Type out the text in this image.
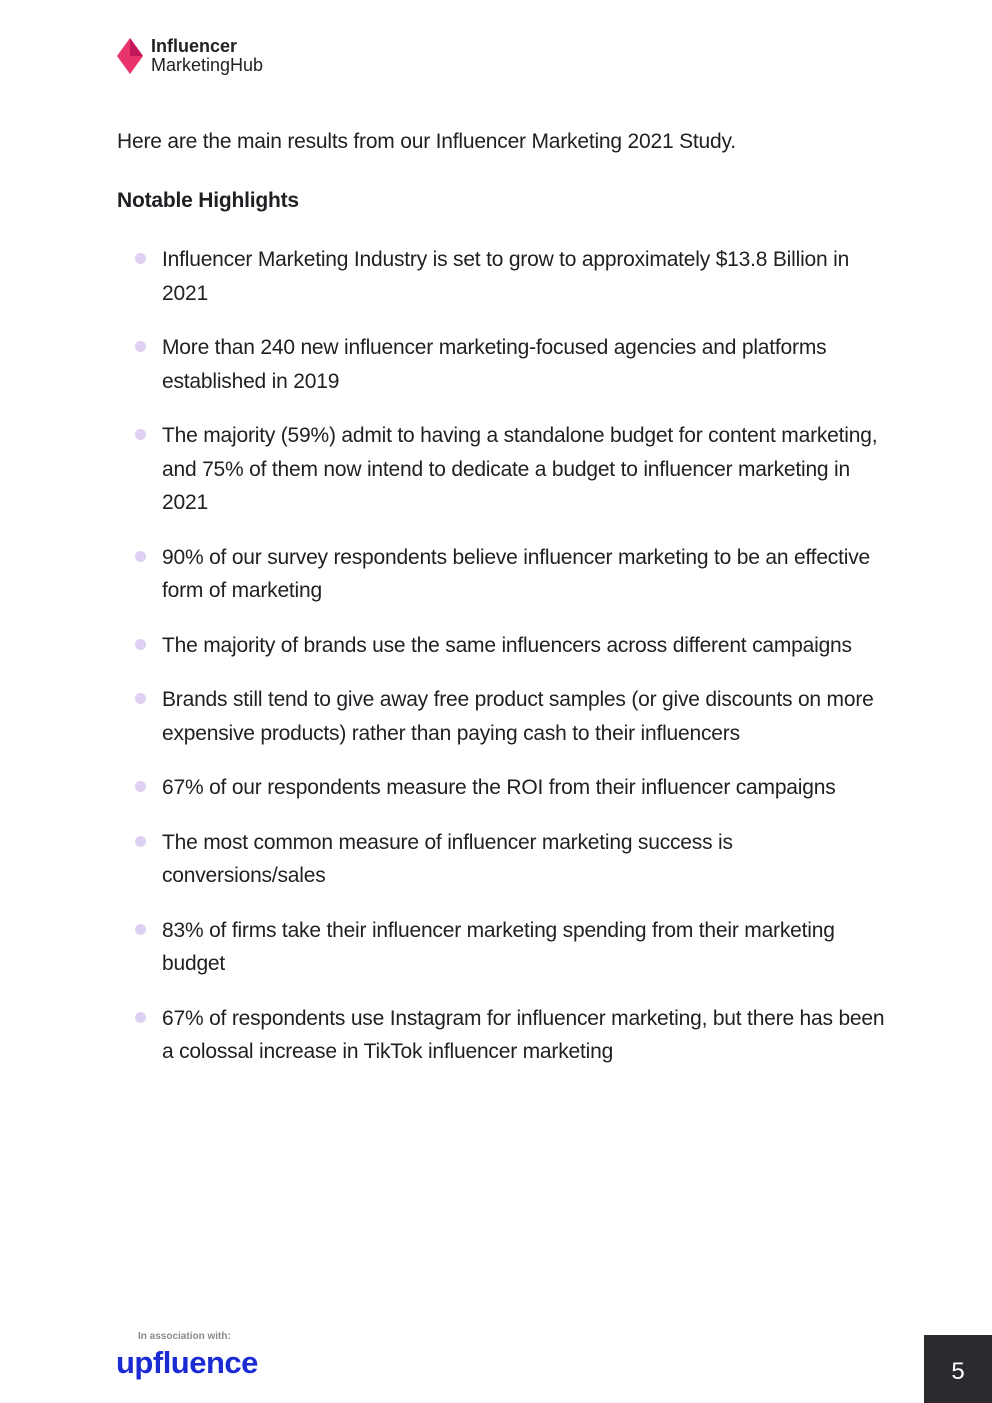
Influencer
MarketingHub
Here are the main results from our Influencer Marketing 2021 Study.
Notable Highlights
Influencer Marketing Industry is set to grow to approximately $13.8 Billion in 2021
More than 240 new influencer marketing-focused agencies and platforms established in 2019
The majority (59%) admit to having a standalone budget for content marketing, and 75% of them now intend to dedicate a budget to influencer marketing in 2021
90% of our survey respondents believe influencer marketing to be an effective form of marketing
The majority of brands use the same influencers across different campaigns
Brands still tend to give away free product samples (or give discounts on more expensive products) rather than paying cash to their influencers
67% of our respondents measure the ROI from their influencer campaigns
The most common measure of influencer marketing success is conversions/sales
83% of firms take their influencer marketing spending from their marketing budget
67% of respondents use Instagram for influencer marketing, but there has been a colossal increase in TikTok influencer marketing
In association with:
upfluence	5
